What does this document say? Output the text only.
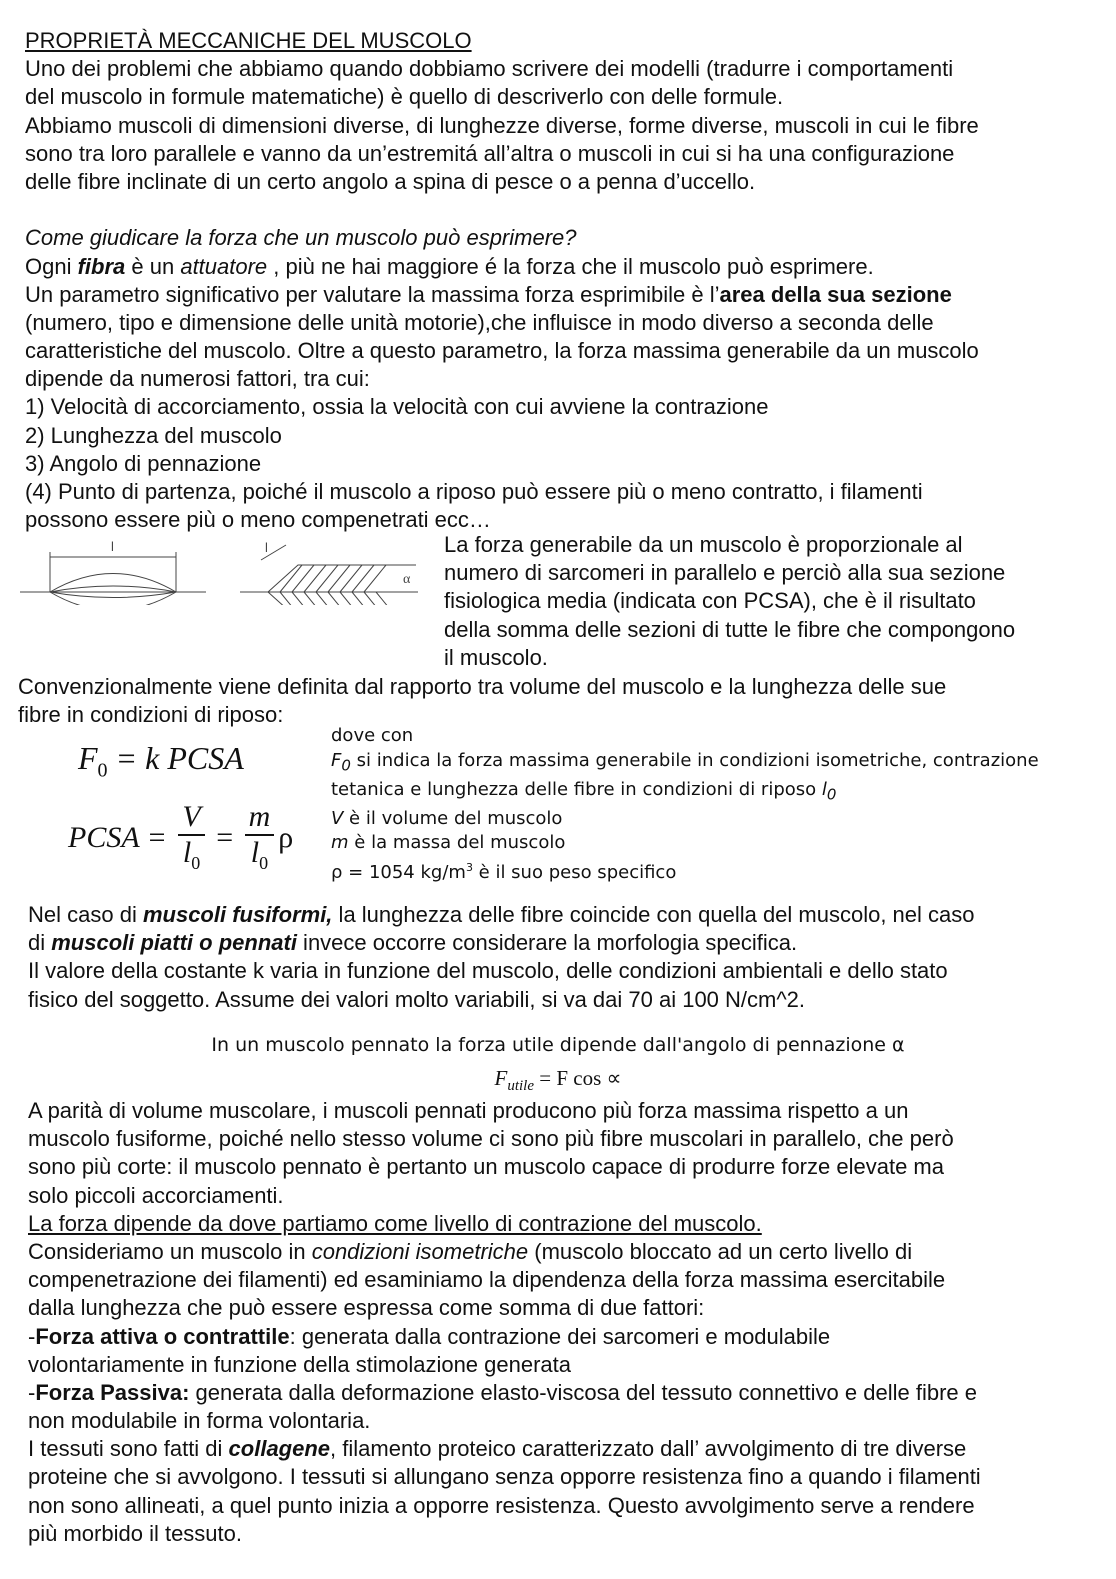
PROPRIETÀ MECCANICHE DEL MUSCOLO
Uno dei problemi che abbiamo quando dobbiamo scrivere dei modelli (tradurre i comportamenti
del muscolo in formule matematiche) è quello di descriverlo con delle formule.
Abbiamo muscoli di dimensioni diverse, di lunghezze diverse, forme diverse, muscoli in cui le fibre
sono tra loro parallele e vanno da un’estremitá all’altra o muscoli in cui si ha una configurazione
delle fibre inclinate di un certo angolo a spina di pesce o a penna d’uccello.
Come giudicare la forza che un muscolo può esprimere?
Ogni fibra è un attuatore , più ne hai maggiore é la forza che il muscolo può esprimere.
Un parametro significativo per valutare la massima forza esprimibile è l’area della sua sezione
(numero, tipo e dimensione delle unità motorie),che influisce in modo diverso a seconda delle
caratteristiche del muscolo. Oltre a questo parametro, la forza massima generabile da un muscolo
dipende da numerosi fattori, tra cui:
1) Velocità di accorciamento, ossia la velocità con cui avviene la contrazione
2) Lunghezza del muscolo
3) Angolo di pennazione
(4) Punto di partenza, poiché il muscolo a riposo può essere più o meno contratto, i filamenti
possono essere più o meno compenetrati ecc…
La forza generabile da un muscolo è proporzionale al
numero di sarcomeri in parallelo e perciò alla sua sezione
fisiologica media (indicata con PCSA), che è il risultato
della somma delle sezioni di tutte le fibre che compongono
il muscolo.
Convenzionalmente viene definita dal rapporto tra volume del muscolo e la lunghezza delle sue
fibre in condizioni di riposo:
Nel caso di muscoli fusiformi, la lunghezza delle fibre coincide con quella del muscolo, nel caso
di muscoli piatti o pennati invece occorre considerare la morfologia specifica.
Il valore della costante k varia in funzione del muscolo, delle condizioni ambientali e dello stato
fisico del soggetto. Assume dei valori molto variabili, si va dai 70 ai 100 N/cm^2.
A parità di volume muscolare, i muscoli pennati producono più forza massima rispetto a un
muscolo fusiforme, poiché nello stesso volume ci sono più fibre muscolari in parallelo, che però
sono più corte: il muscolo pennato è pertanto un muscolo capace di produrre forze elevate ma
solo piccoli accorciamenti.
La forza dipende da dove partiamo come livello di contrazione del muscolo.
Consideriamo un muscolo in condizioni isometriche (muscolo bloccato ad un certo livello di
compenetrazione dei filamenti) ed esaminiamo la dipendenza della forza massima esercitabile
dalla lunghezza che può essere espressa come somma di due fattori:
-Forza attiva o contrattile: generata dalla contrazione dei sarcomeri e modulabile
volontariamente in funzione della stimolazione generata
-Forza Passiva: generata dalla deformazione elasto-viscosa del tessuto connettivo e delle fibre e
non modulabile in forma volontaria.
I tessuti sono fatti di collagene, filamento proteico caratterizzato dall’ avvolgimento di tre diverse
proteine che si avvolgono. I tessuti si allungano senza opporre resistenza fino a quando i filamenti
non sono allineati, a quel punto inizia a opporre resistenza. Questo avvolgimento serve a rendere
più morbido il tessuto.
l	l
α
$F_0 = k$ PCSA
PCSA = $\frac{V}{l_0} = \frac{m}{l_0}$ ρ
dove con
$F_0$ si indica la forza massima generabile in condizioni isometriche, contrazione
tetanica e lunghezza delle fibre in condizioni di riposo $l_0$
V è il volume del muscolo
m è la massa del muscolo
ρ = 1054 $kg/m^3$ è il suo peso specifico
In un muscolo pennato la forza utile dipende dall'angolo di pennazione α
$F_{utile} = F$ cos ∝
